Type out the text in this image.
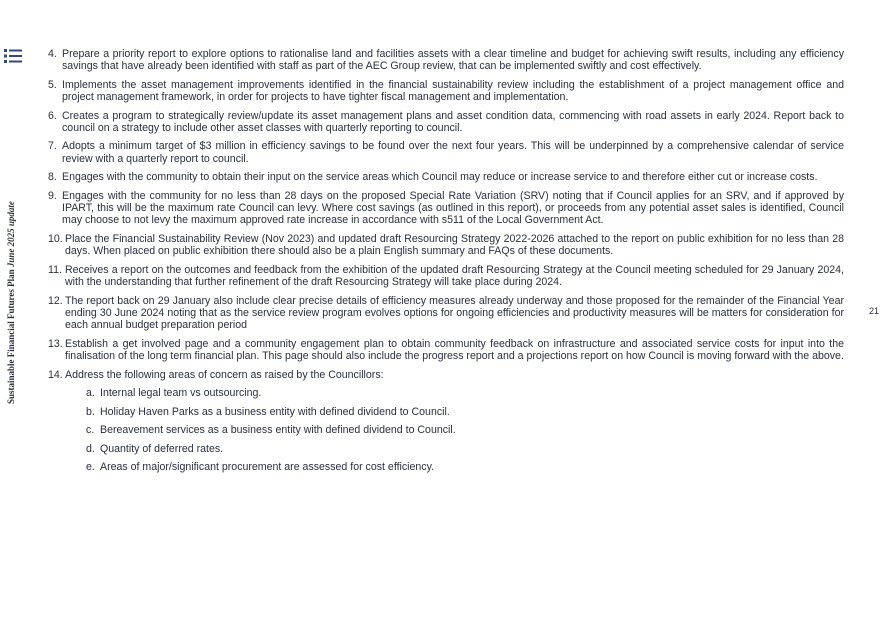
Sustainable Financial Futures Plan June 2025 update
21
4. Prepare a priority report to explore options to rationalise land and facilities assets with a clear timeline and budget for achieving swift results, including any efficiency savings that have already been identified with staff as part of the AEC Group review, that can be implemented swiftly and cost effectively.
5. Implements the asset management improvements identified in the financial sustainability review including the establishment of a project management office and project management framework, in order for projects to have tighter fiscal management and implementation.
6. Creates a program to strategically review/update its asset management plans and asset condition data, commencing with road assets in early 2024. Report back to council on a strategy to include other asset classes with quarterly reporting to council.
7. Adopts a minimum target of $3 million in efficiency savings to be found over the next four years. This will be underpinned by a comprehensive calendar of service review with a quarterly report to council.
8. Engages with the community to obtain their input on the service areas which Council may reduce or increase service to and therefore either cut or increase costs.
9. Engages with the community for no less than 28 days on the proposed Special Rate Variation (SRV) noting that if Council applies for an SRV, and if approved by IPART, this will be the maximum rate Council can levy. Where cost savings (as outlined in this report), or proceeds from any potential asset sales is identified, Council may choose to not levy the maximum approved rate increase in accordance with s511 of the Local Government Act.
10. Place the Financial Sustainability Review (Nov 2023) and updated draft Resourcing Strategy 2022-2026 attached to the report on public exhibition for no less than 28 days. When placed on public exhibition there should also be a plain English summary and FAQs of these documents.
11. Receives a report on the outcomes and feedback from the exhibition of the updated draft Resourcing Strategy at the Council meeting scheduled for 29 January 2024, with the understanding that further refinement of the draft Resourcing Strategy will take place during 2024.
12. The report back on 29 January also include clear precise details of efficiency measures already underway and those proposed for the remainder of the Financial Year ending 30 June 2024 noting that as the service review program evolves options for ongoing efficiencies and productivity measures will be matters for consideration for each annual budget preparation period
13. Establish a get involved page and a community engagement plan to obtain community feedback on infrastructure and associated service costs for input into the finalisation of the long term financial plan. This page should also include the progress report and a projections report on how Council is moving forward with the above.
14. Address the following areas of concern as raised by the Councillors:
a. Internal legal team vs outsourcing.
b. Holiday Haven Parks as a business entity with defined dividend to Council.
c. Bereavement services as a business entity with defined dividend to Council.
d. Quantity of deferred rates.
e. Areas of major/significant procurement are assessed for cost efficiency.
